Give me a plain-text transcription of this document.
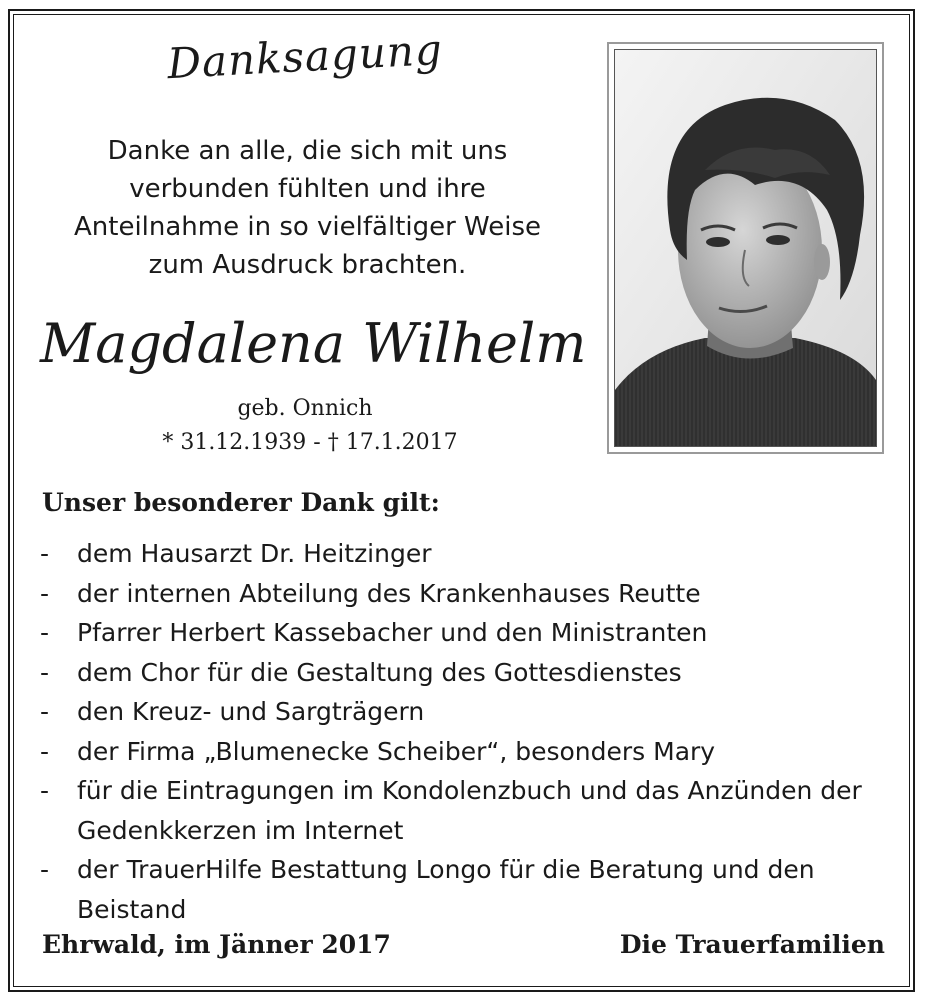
Danksagung
Danke an alle, die sich mit uns
verbunden fühlten und ihre
Anteilnahme in so vielfältiger Weise
zum Ausdruck brachten.
Magdalena Wilhelm
geb. Onnich
* 31.12.1939 - † 17.1.2017
Unser besonderer Dank gilt:
- dem Hausarzt Dr. Heitzinger
- der internen Abteilung des Krankenhauses Reutte
- Pfarrer Herbert Kassebacher und den Ministranten
- dem Chor für die Gestaltung des Gottesdienstes
- den Kreuz- und Sargträgern
- der Firma „Blumenecke Scheiber“, besonders Mary
- für die Eintragungen im Kondolenzbuch und das Anzünden der Gedenkkerzen im Internet
- der TrauerHilfe Bestattung Longo für die Beratung und den Beistand
Ehrwald, im Jänner 2017	Die Trauerfamilien
